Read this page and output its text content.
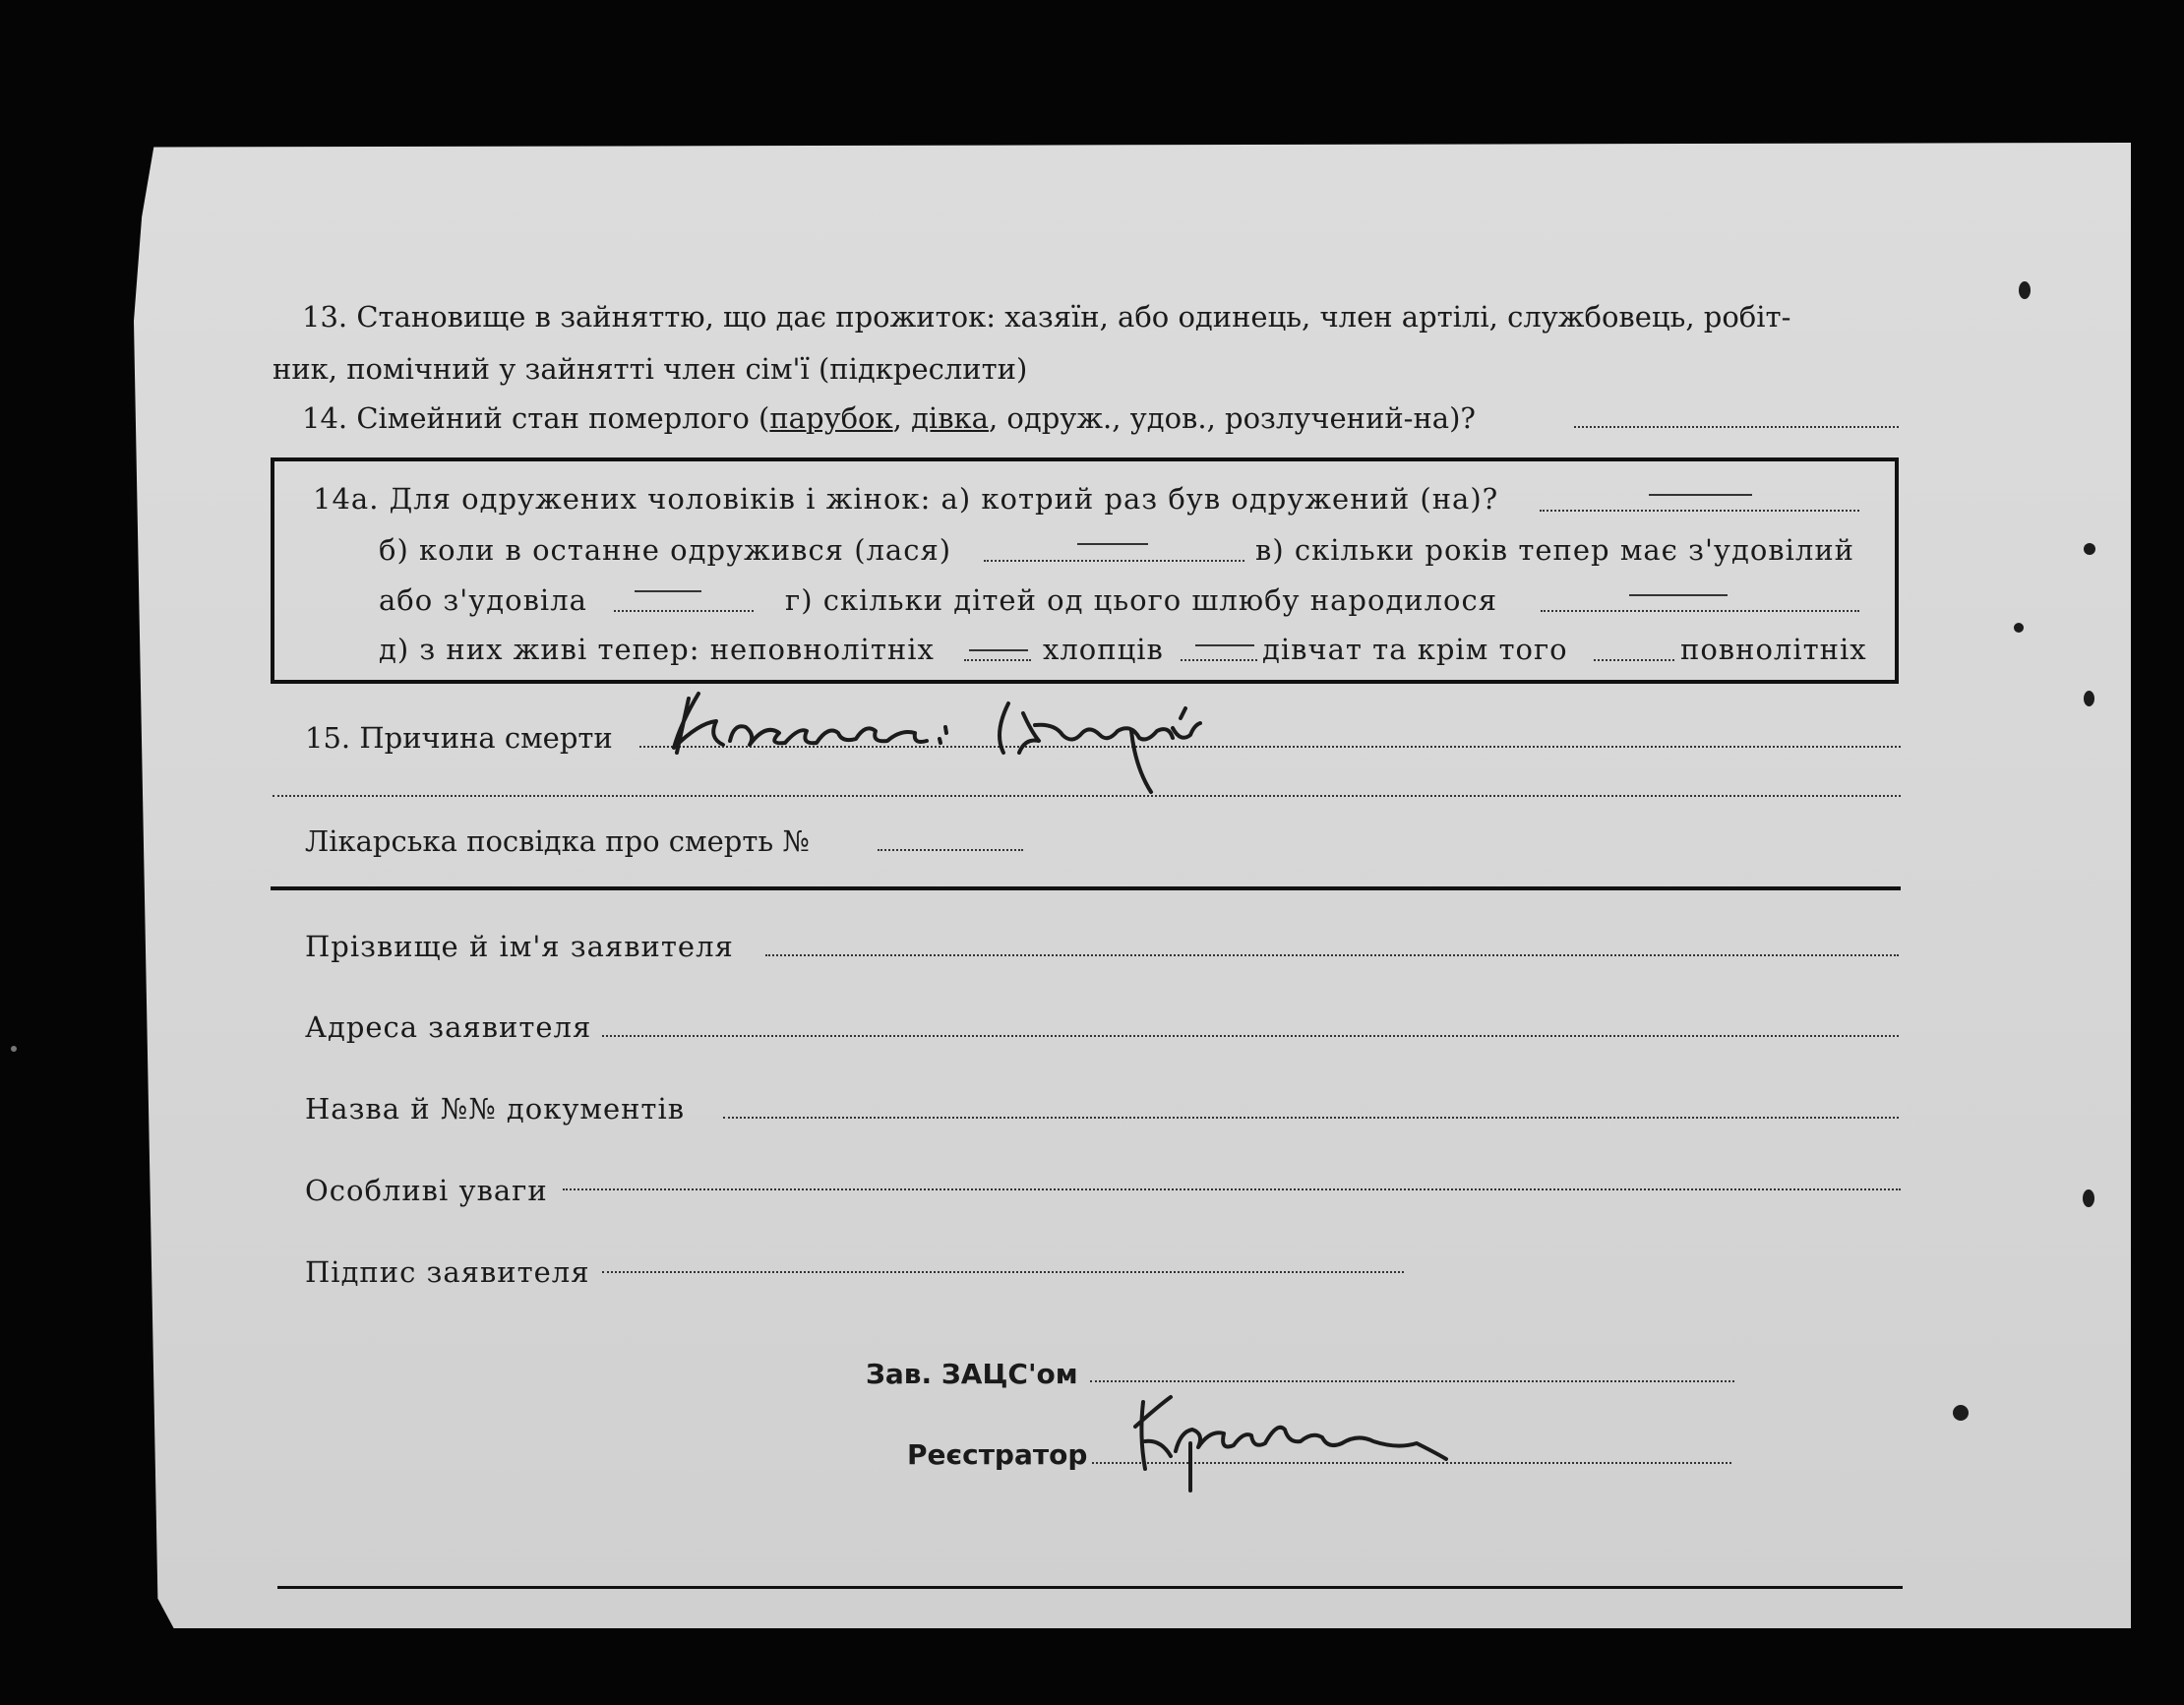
13. Становище в зайняттю, що дає прожиток: хазяїн, або одинець, член артілі, службовець, робіт-
ник, помічний у зайнятті член сім'ї (підкреслити)
14. Сімейний стан померлого (парубок, дівка, одруж., удов., розлучений-на)?
14а. Для одружених чоловіків і жінок: а) котрий раз був одружений (на)?
б) коли в останне одружився (лася)	в) скільки років тепер має з'удовілий
або з'удовіла	г) скільки дітей од цього шлюбу народилося
д) з них живі тепер: неповнолітніх	хлопців	дівчат та крім того	повнолітніх
15. Причина смерти
Лікарська посвідка про смерть №
Прізвище й ім'я заявителя
Адреса заявителя
Назва й №№ документів
Особливі уваги
Підпис заявителя
Зав. ЗАЦС'ом
Реєстратор
